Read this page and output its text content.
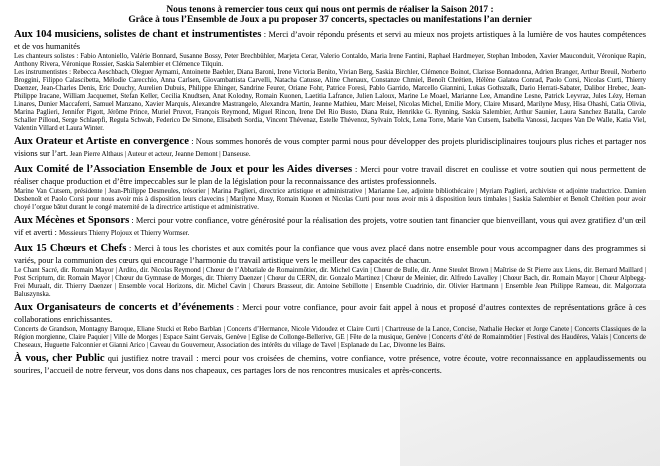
Nous tenons à remercier tous ceux qui nous ont permis de réaliser la Saison 2017 :
Grâce à tous l’Ensemble de Joux a pu proposer 37 concerts, spectacles ou manifestations l’an dernier

Aux 104 musiciens, solistes de chant et instrumentistes : Merci d’avoir répondu présents et servi au mieux nos projets artistiques à la lumière de vos hautes compétences et de vos humanités

Les chanteurs solistes : Fabio Antoniello, Valérie Bonnard, Susanne Bossy, Peter Brechbühler, Marjeta Cerar, Valerio Contaldo, Maria Irene Fantini, Raphael Hardmeyer, Stephan Imboden, Xavier Mauconduit, Véronique Rapin, Anthony Rivera, Véronique Rossier, Saskia Salembier et Clémence Tilquin.

Les instrumentistes : Rebecca Aeschbach, Oleguer Aymami, Antoinette Baehler, Diana Baroni, Irene Victoria Benito, Vivian Berg, Saskia Birchler, Clémence Boinot, Clarisse Bonnadonna, Adrien Branger, Arthur Breuil, Norberto Broggini, Filippo Calascibetta, Mélodie Carecchio, Anna Carlsen, Giovambattista Carvelli, Natacha Catusse, Aline Chenaux, Constanze Chmiel, Benoît Chrétien, Hélène Galatea Conrad, Paolo Corsi, Nicolas Curti, Thierry Daenzer, Jean-Charles Denis, Eric Douchy, Aurelien Dubuis, Philippe Ehinger, Sandrine Feurer, Oriane Fohr, Patrice Foresi, Pablo Garrido, Marcello Giannini, Lukas Gothszalk, Dario Herrati-Sabater, Dalibor Hrebec, Jean-Philippe Iracane, William Jacquemet, Stefan Keller, Cecilia Knudtsen, Anat Kolodny, Romain Kuonen, Laetitia Lafrance, Julien Laloux, Marine Le Moael, Marianne Lee, Amandine Lesne, Patrick Leyvraz, Jules Lézy, Hernan Linares, Dunier Maccaferri, Samuel Manzano, Xavier Marquis, Alexandre Mastrangelo, Alexandra Martin, Jeanne Mathieu, Marc Meisel, Nicolas Michel, Emilie Mory, Claire Musard, Marilyne Musy, Hisa Ohashi, Catia Olivia, Marina Paglieri, Jennifer Pigott, Jérôme Prince, Muriel Pruvot, François Reymond, Miguel Rincon, Irene Del Rio Busto, Diana Ruiz, Henrikke G. Rynning, Saskia Salembier, Arthur Saunier, Laura Sanchez Batalla, Carole Schaller Pilloud, Serge Schlaepfi, Regula Schwab, Federico De Simone, Elisabeth Sordia, Vincent Thévenaz, Estelle Thévenoz, Sylvain Tolck, Lena Torre, Marie Van Cutsem, Isabella Vanossi, Jacques Van De Walle, Katia Viel, Valentin Villard et Laura Winter.

Aux Orateur et Artiste en convergence : Nous sommes honorés de vous compter parmi nous pour développer des projets pluridisciplinaires toujours plus riches et partager nos visions sur l’art. Jean Pierre Althaus | Auteur et acteur, Jeanne Demont | Danseuse.

Aux Comité de l’Association Ensemble de Joux et pour les Aides diverses : Merci pour votre travail discret en coulisse et votre soutien qui nous permettent de réaliser chaque production et d’être impeccables sur le plan de la législation pour la reconnaissance des artistes professionnels.

Marine Van Cutsem, présidente | Jean-Philippe Desmeules, trésorier | Marina Paglieri, directrice artistique et administrative | Marianne Lee, adjointe bibliothécaire | Myriam Paglieri, archiviste et adjointe traductrice. Damien Desbenoît et Paolo Corsi pour nous avoir mis à disposition leurs clavecins | Marilyne Musy, Romain Kuonen et Nicolas Curti pour nous avoir mis à disposition leurs timbales | Saskia Salembier et Benoît Chrétien pour avoir choyé l’orgue bâtut durant le congé maternité de la directrice artistique et administrative.

Aux Mécènes et Sponsors : Merci pour votre confiance, votre générosité pour la réalisation des projets, votre soutien tant financier que bienveillant, vous qui avez gratifiez d’un œil vif et averti : Messieurs Thierry Plojoux et Thierry Wormser.

Aux 15 Chœurs et Chefs : Merci à tous les choristes et aux comités pour la confiance que vous avez placé dans notre ensemble pour vous accompagner dans des programmes si variés, pour la communion des cœurs qui encourage l’harmonie du travail artistique vers le meilleur des capacités de chacun.

Le Chant Sacré, dir. Romain Mayor | Ardito, dir. Nicolas Reymond | Chœur de l’Abbatiale de Romainmôtier, dir. Michel Cavin | Chœur de Bulle, dir. Anne Steulet Brown | Maîtrise de St Pierre aux Liens, dir. Bernard Maillard | Post Scriptum, dir. Romain Mayor | Chœur du Gymnase de Morges, dir. Thierry Daenzer | Chœur du CERN, dir. Gonzalo Martinez | Chœur de Meinier, dir. Alfredo Lavalley | Chœur Bach, dir. Romain Mayor | Chœur Alpbegg-Frei Muraalt, dir. Thierry Daenzer | Ensemble vocal Horizons, dir. Michel Cavin | Chœurs Brasseur, dir. Antoine Sebillotte | Ensemble Cuadrinio, dir. Olivier Hartmann | Ensemble Jean Philippe Rameau, dir. Malgorzata Baluszynska.

Aux Organisateurs de concerts et d’événements : Merci pour votre confiance, pour avoir fait appel à nous et proposé d’autres contextes de représentations grâce à ces collaborations enrichissantes.

Concerts de Grandson, Montagny Baroque, Eliane Stucki et Rebo Barblan | Concerts d’Hermance, Nicole Vidoudez et Claire Curti | Chartreuse de la Lance, Concise, Nathalie Hecker et Jorge Canete | Concerts Classiques de la Région morgienne, Claire Paquier | Ville de Morges | Espace Saint Gervais, Genève | Eglise de Collonge-Bellerive, GE | Fête de la musique, Genève | Concerts d’été de Romainmôtier | Festival des Haudères, Valais | Concerts de Cheseaux, Huguette Falconnier et Gianni Arico | Caveau du Gouverneur, Association des intérêts du village de Tavel | Esplanade du Lac, Divonne les Bains.

À vous, cher Public qui justifiez notre travail : merci pour vos croisées de chemins, votre confiance, votre présence, votre écoute, votre reconnaissance en applaudissements ou sourires, l’accueil de notre ferveur, vos dons dans nos chapeaux, ces partages lors de nos rencontres musicales et après-concerts.
